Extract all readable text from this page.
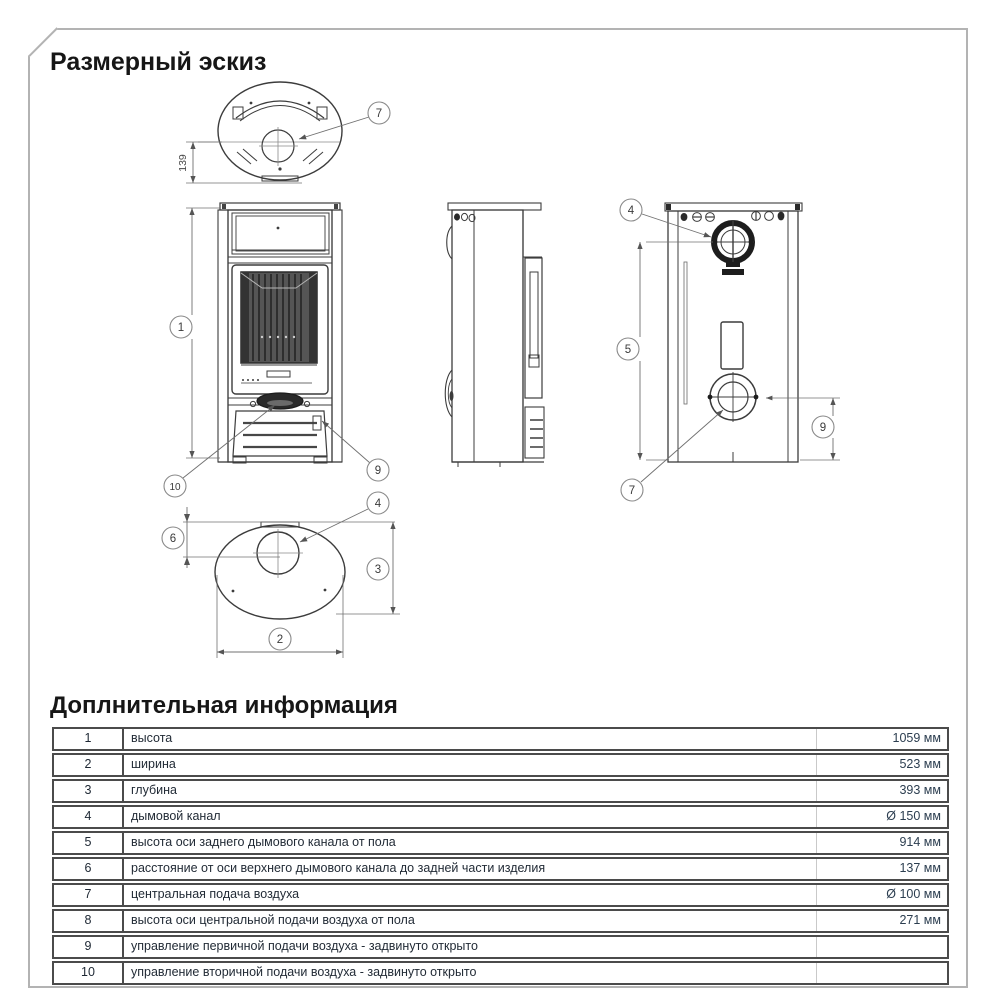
Размерный эскиз
139
7
1
10
9
5
4
9
7
6
3
2
4
Доплнительная информация
1	высота	1059 мм
2	ширина	523 мм
3	глубина	393 мм
4	дымовой канал	Ø 150 мм
5	высота оси заднего дымового канала от пола	914 мм
6	расстояние от оси верхнего дымового канала до задней части изделия	137 мм
7	центральная подача воздуха	Ø 100 мм
8	высота оси центральной подачи воздуха от пола	271 мм
9	управление первичной подачи воздуха - задвинуто открыто
10	управление вторичной подачи воздуха - задвинуто открыто
